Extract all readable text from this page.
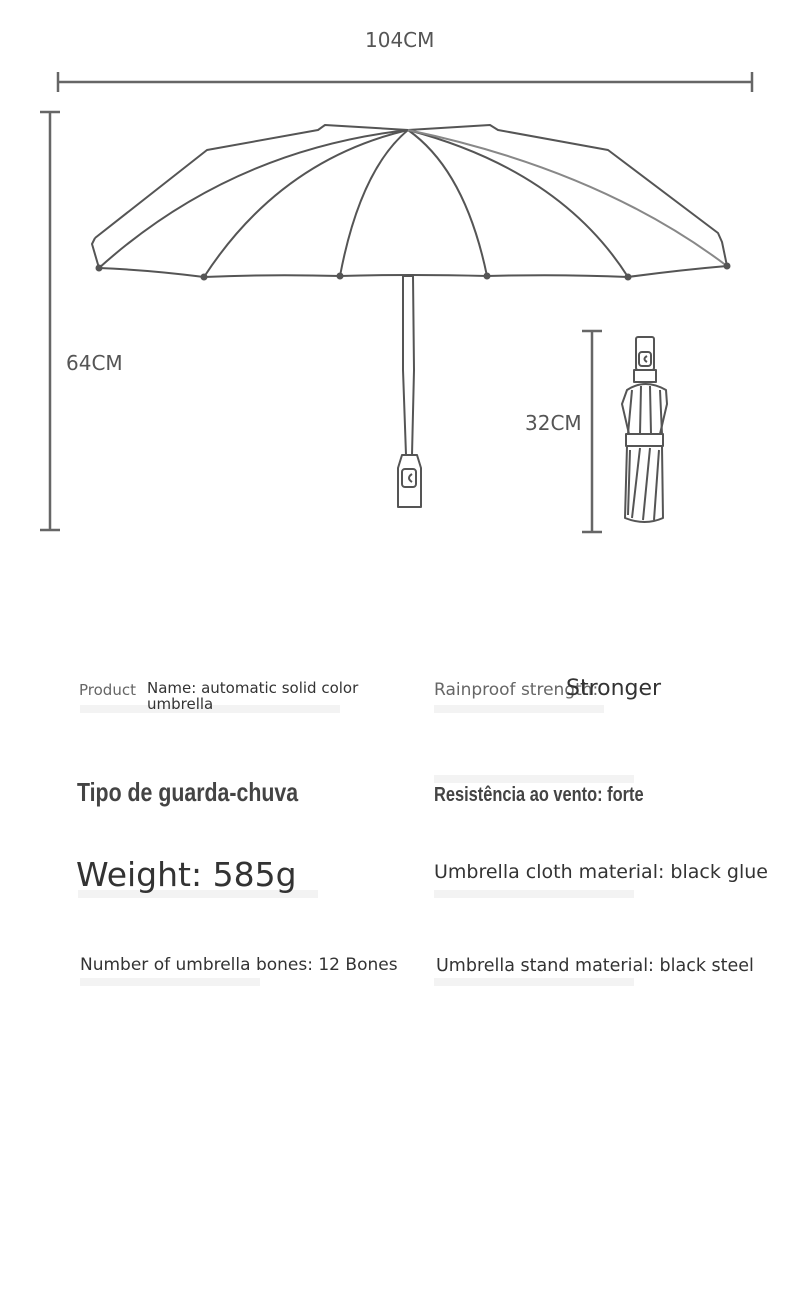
104CM
64CM
32CM
Product Name: automatic solid color umbrella
Rainproof strength:
Stronger
Tipo de guarda-chuva	Resistência ao vento: forte
Weight: 585g	Umbrella cloth material: black glue
Number of umbrella bones: 12 Bones Umbrella stand material: black steel
